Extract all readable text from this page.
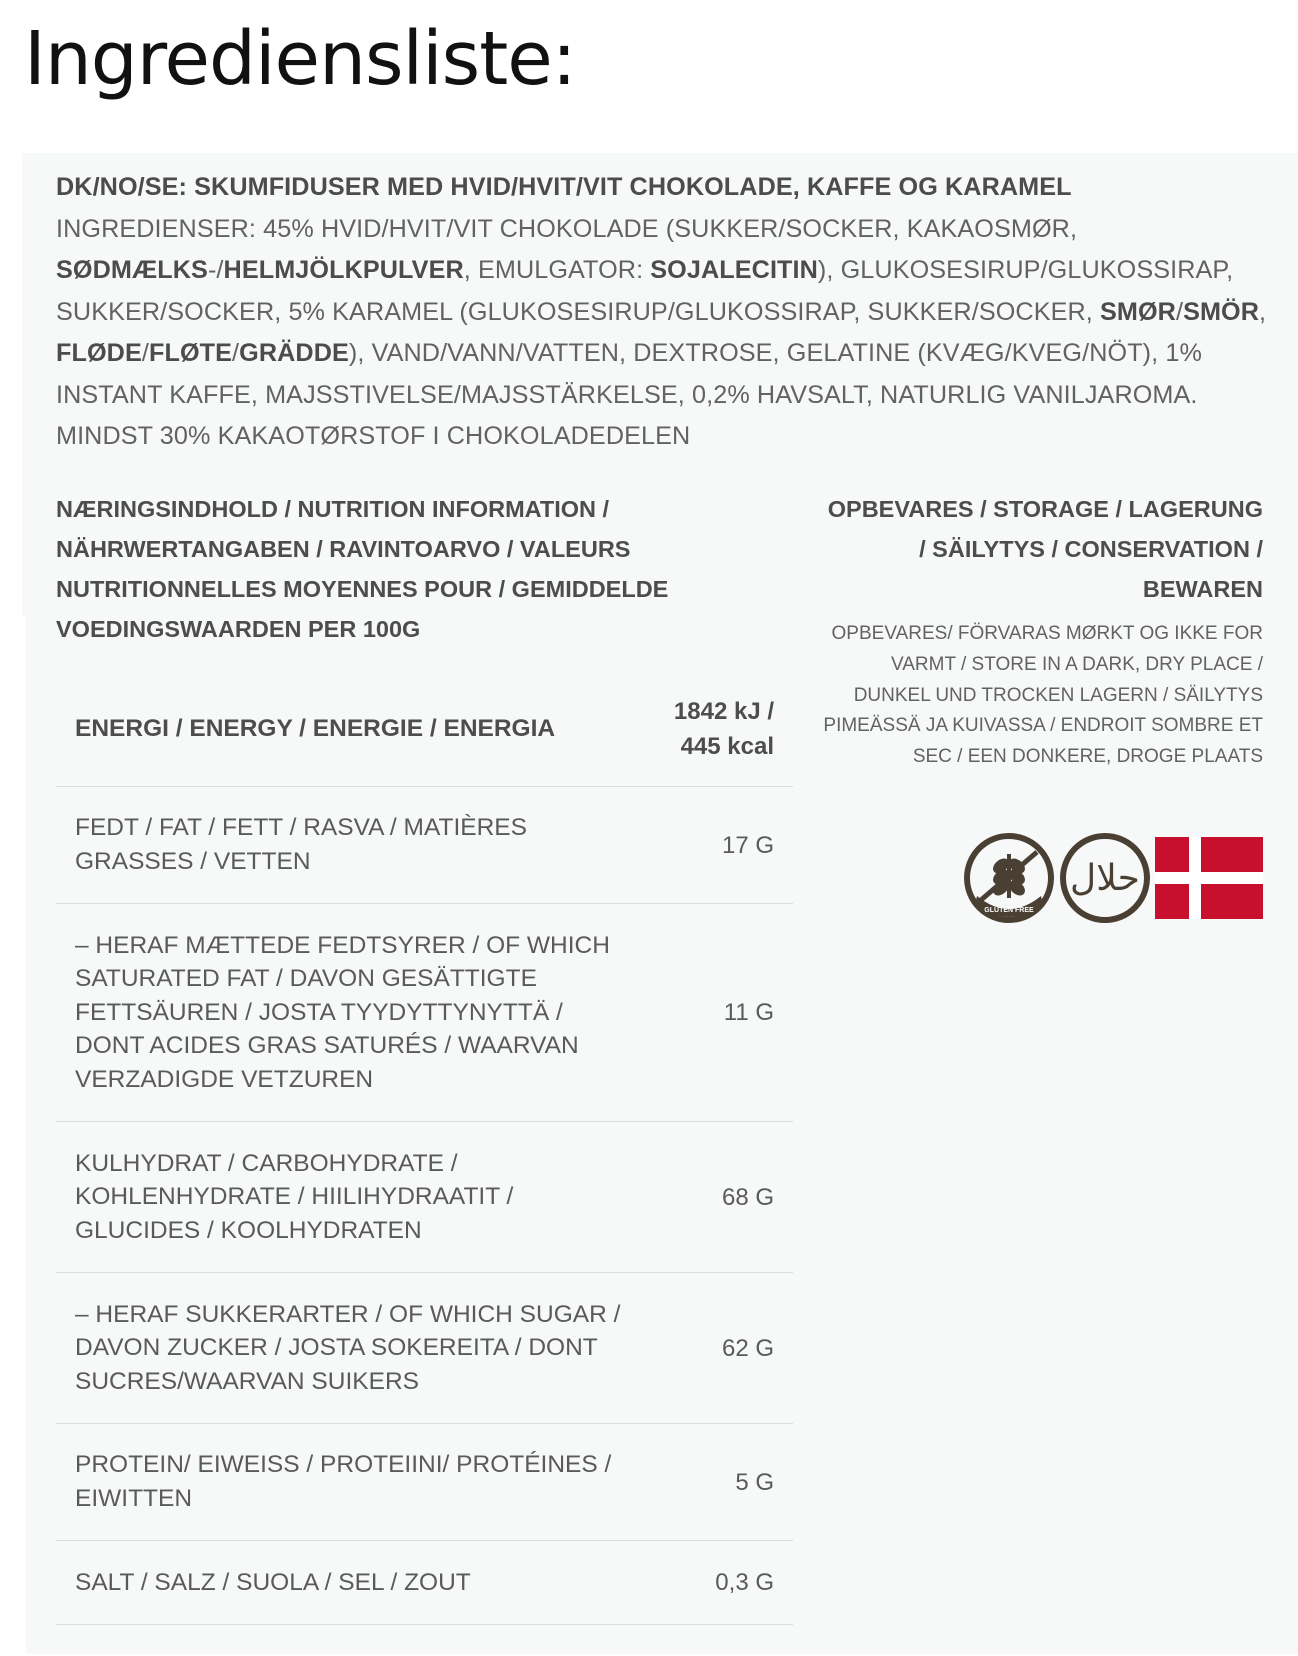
Ingrediensliste:
DK/NO/SE: SKUMFIDUSER MED HVID/HVIT/VIT CHOKOLADE, KAFFE OG KARAMEL
INGREDIENSER: 45% HVID/HVIT/VIT CHOKOLADE (SUKKER/SOCKER, KAKAOSMØR,
SØDMÆLKS-/HELMJÖLKPULVER, EMULGATOR: SOJALECITIN), GLUKOSESIRUP/GLUKOSSIRAP, SUKKER/SOCKER, 5% KARAMEL (GLUKOSESIRUP/GLUKOSSIRAP, SUKKER/SOCKER, SMØR/SMÖR, FLØDE/FLØTE/GRÄDDE), VAND/VANN/VATTEN, DEXTROSE, GELATINE (KVÆG/KVEG/NÖT), 1% INSTANT KAFFE, MAJSSTIVELSE/MAJSSTÄRKELSE, 0,2% HAVSALT, NATURLIG VANILJAROMA. MINDST 30% KAKAOTØRSTOF I CHOKOLADEDELEN
NÆRINGSINDHOLD / NUTRITION INFORMATION / NÄHRWERTANGABEN / RAVINTOARVO / VALEURS NUTRITIONNELLES MOYENNES POUR / GEMIDDELDE VOEDINGSWAARDEN PER 100G
OPBEVARES / STORAGE / LAGERUNG / SÄILYTYS / CONSERVATION / BEWAREN
OPBEVARES/ FÖRVARAS MØRKT OG IKKE FOR VARMT / STORE IN A DARK, DRY PLACE / DUNKEL UND TROCKEN LAGERN / SÄILYTYS PIMEÄSSÄ JA KUIVASSA / ENDROIT SOMBRE ET SEC / EEN DONKERE, DROGE PLAATS
GLUTEN FREE
حلال
ENERGI / ENERGY / ENERGIE / ENERGIA
1842 kJ /
445 kcal
FEDT / FAT / FETT / RASVA / MATIÈRES GRASSES / VETTEN
17 G
– HERAF MÆTTEDE FEDTSYRER / OF WHICH SATURATED FAT / DAVON GESÄTTIGTE FETTSÄUREN / JOSTA TYYDYTTYNYTTÄ / DONT ACIDES GRAS SATURÉS / WAARVAN VERZADIGDE VETZUREN
11 G
KULHYDRAT / CARBOHYDRATE / KOHLENHYDRATE / HIILIHYDRAATIT / GLUCIDES / KOOLHYDRATEN
68 G
– HERAF SUKKERARTER / OF WHICH SUGAR / DAVON ZUCKER / JOSTA SOKEREITA / DONT SUCRES/WAARVAN SUIKERS
62 G
PROTEIN/ EIWEISS / PROTEIINI/ PROTÉINES / EIWITTEN
5 G
SALT / SALZ / SUOLA / SEL / ZOUT	0,3 G
